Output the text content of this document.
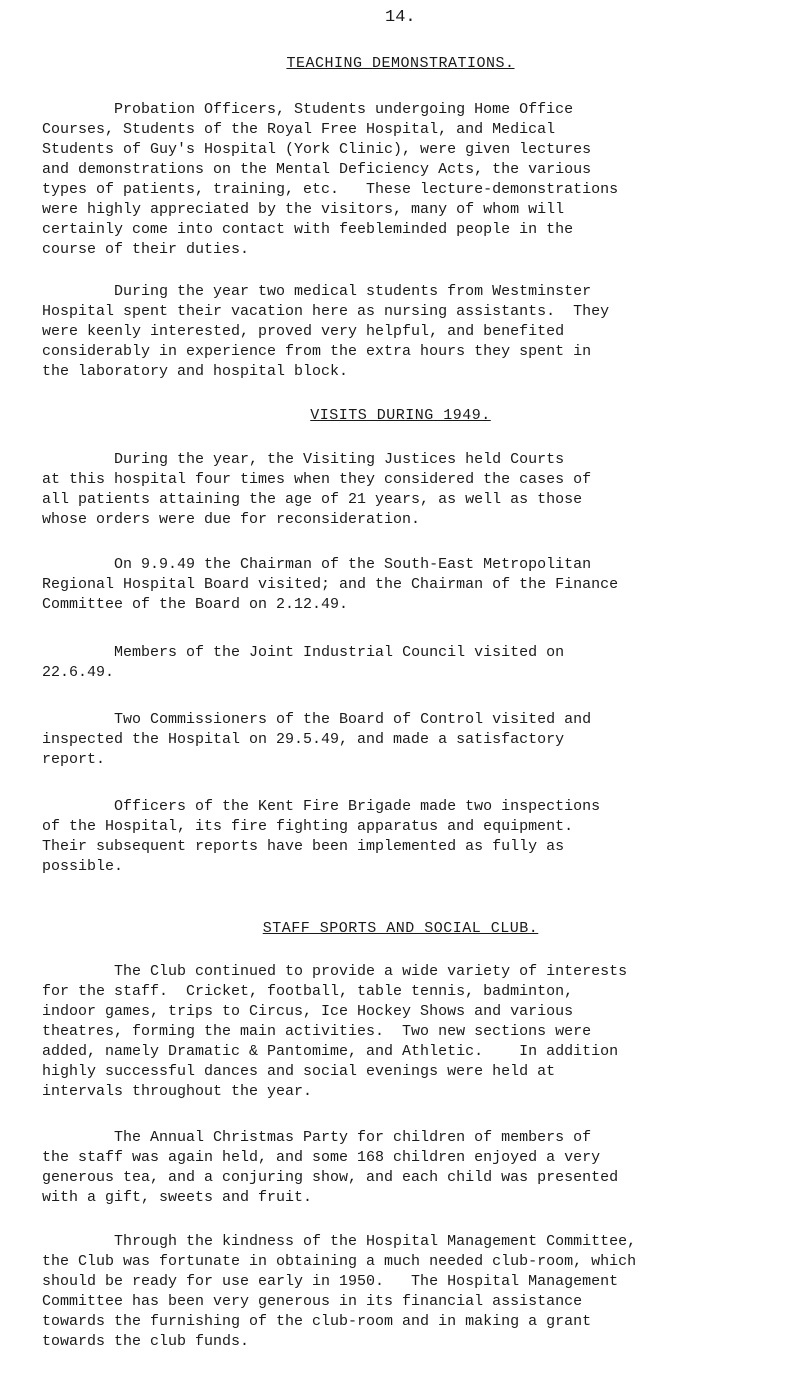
14.
TEACHING DEMONSTRATIONS.

Probation Officers, Students undergoing Home Office
Courses, Students of the Royal Free Hospital, and Medical
Students of Guy's Hospital (York Clinic), were given lectures
and demonstrations on the Mental Deficiency Acts, the various
types of patients, training, etc.   These lecture-demonstrations
were highly appreciated by the visitors, many of whom will
certainly come into contact with feebleminded people in the
course of their duties.

During the year two medical students from Westminster
Hospital spent their vacation here as nursing assistants.  They
were keenly interested, proved very helpful, and benefited
considerably in experience from the extra hours they spent in
the laboratory and hospital block.

VISITS DURING 1949.

During the year, the Visiting Justices held Courts
at this hospital four times when they considered the cases of
all patients attaining the age of 21 years, as well as those
whose orders were due for reconsideration.

On 9.9.49 the Chairman of the South-East Metropolitan
Regional Hospital Board visited; and the Chairman of the Finance
Committee of the Board on 2.12.49.

Members of the Joint Industrial Council visited on
22.6.49.

Two Commissioners of the Board of Control visited and
inspected the Hospital on 29.5.49, and made a satisfactory
report.

Officers of the Kent Fire Brigade made two inspections
of the Hospital, its fire fighting apparatus and equipment.
Their subsequent reports have been implemented as fully as
possible.

STAFF SPORTS AND SOCIAL CLUB.

The Club continued to provide a wide variety of interests
for the staff.  Cricket, football, table tennis, badminton,
indoor games, trips to Circus, Ice Hockey Shows and various
theatres, forming the main activities.  Two new sections were
added, namely Dramatic & Pantomime, and Athletic.    In addition
highly successful dances and social evenings were held at
intervals throughout the year.

The Annual Christmas Party for children of members of
the staff was again held, and some 168 children enjoyed a very
generous tea, and a conjuring show, and each child was presented
with a gift, sweets and fruit.

Through the kindness of the Hospital Management Committee,
the Club was fortunate in obtaining a much needed club-room, which
should be ready for use early in 1950.   The Hospital Management
Committee has been very generous in its financial assistance
towards the furnishing of the club-room and in making a grant
towards the club funds.
